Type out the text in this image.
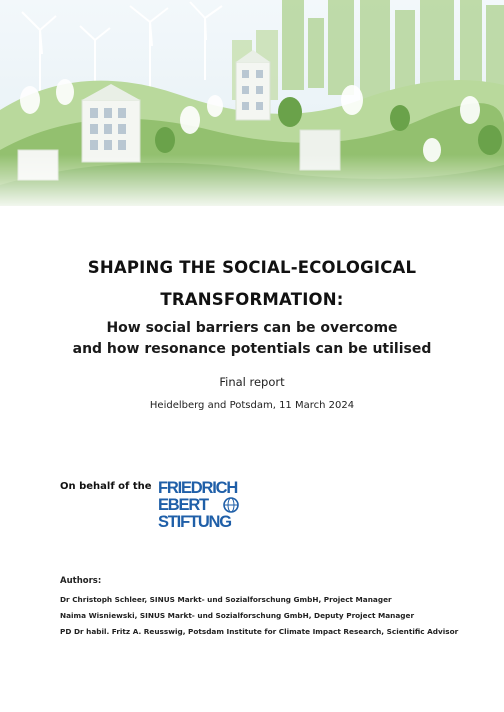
SHAPING THE SOCIAL-ECOLOGICAL
TRANSFORMATION:
How social barriers can be overcome
and how resonance potentials can be utilised
Final report
Heidelberg and Potsdam, 11 March 2024
On behalf of the FRIEDRICH
EBERT
STIFTUNG
Authors:
Dr Christoph Schleer, SINUS Markt- und Sozialforschung GmbH, Project Manager
Naima Wisniewski, SINUS Markt- und Sozialforschung GmbH, Deputy Project Manager
PD Dr habil. Fritz A. Reusswig, Potsdam Institute for Climate Impact Research, Scientific Advisor
